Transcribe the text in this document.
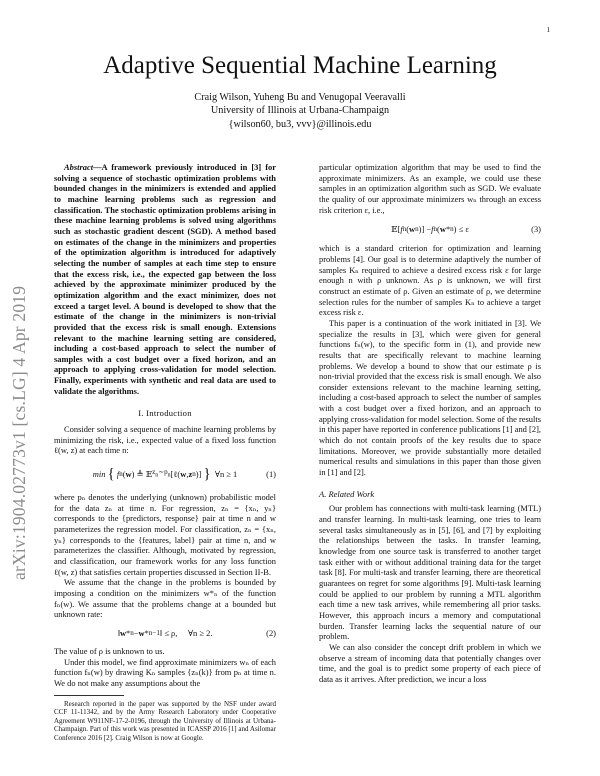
1
arXiv:1904.02773v1 [cs.LG] 4 Apr 2019
Adaptive Sequential Machine Learning
Craig Wilson, Yuheng Bu and Venugopal Veeravalli
University of Illinois at Urbana-Champaign
{wilson60, bu3, vvv}@illinois.edu

Abstract—A framework previously introduced in [3] for solving a sequence of stochastic optimization problems with bounded changes in the minimizers is extended and applied to machine learning problems such as regression and classification. The stochastic optimization problems arising in these machine learning problems is solved using algorithms such as stochastic gradient descent (SGD). A method based on estimates of the change in the minimizers and properties of the optimization algorithm is introduced for adaptively selecting the number of samples at each time step to ensure that the excess risk, i.e., the expected gap between the loss achieved by the approximate minimizer produced by the optimization algorithm and the exact minimizer, does not exceed a target level. A bound is developed to show that the estimate of the change in the minimizers is non-trivial provided that the excess risk is small enough. Extensions relevant to the machine learning setting are considered, including a cost-based approach to select the number of samples with a cost budget over a fixed horizon, and an approach to applying cross-validation for model selection. Finally, experiments with synthetic and real data are used to validate the algorithms.

I. Introduction

Consider solving a sequence of machine learning problems by minimizing the risk, i.e., expected value of a fixed loss function ℓ(w, z) at each time n:

min
{
f n ( w ) ≜ 𝔼 $z_n\sim p_n$ [ℓ( w , z n )] }
∀n ≥ 1	(1)

where pₙ denotes the underlying (unknown) probabilistic model for the data zₙ at time n. For regression, zₙ = {xₙ, yₙ} corresponds to the {predictors, response} pair at time n and w parameterizes the regression model. For classification, zₙ = {xₙ, yₙ} corresponds to the {features, label} pair at time n, and w parameterizes the classifier. Although, motivated by regression, and classification, our framework works for any loss function ℓ(w, z) that satisfies certain properties discussed in Section II-B.

We assume that the change in the problems is bounded by imposing a condition on the minimizers w*ₙ of the function fₙ(w). We assume that the problems change at a bounded but unknown rate:

‖ w * n − w * n−1 ‖ ≤ ρ, ∀n ≥ 2.	(2)

The value of ρ is unknown to us.

Under this model, we find approximate minimizers wₙ of each function fₙ(w) by drawing Kₙ samples {zₙ(k)} from pₙ at time n. We do not make any assumptions about the

Research reported in the paper was supported by the NSF under award CCF 11-11342, and by the Army Research Laboratory under Cooperative Agreement W911NF-17-2-0196, through the University of Illinois at Urbana-Champaign. Part of this work was presented in ICASSP 2016 [1] and Asilomar Conference 2016 [2]. Craig Wilson is now at Google.

particular optimization algorithm that may be used to find the approximate minimizers. As an example, we could use these samples in an optimization algorithm such as SGD. We evaluate the quality of our approximate minimizers wₙ through an excess risk criterion ε, i.e.,

𝔼[ f n ( w n )] − f n ( w * n ) ≤ ε	(3)

which is a standard criterion for optimization and learning problems [4]. Our goal is to determine adaptively the number of samples Kₙ required to achieve a desired excess risk ε for large enough n with ρ unknown. As ρ is unknown, we will first construct an estimate of ρ. Given an estimate of ρ, we determine selection rules for the number of samples Kₙ to achieve a target excess risk ε.

This paper is a continuation of the work initiated in [3]. We specialize the results in [3], which were given for general functions fₙ(w), to the specific form in (1), and provide new results that are specifically relevant to machine learning problems. We develop a bound to show that our estimate ρ is non-trivial provided that the excess risk is small enough. We also consider extensions relevant to the machine learning setting, including a cost-based approach to select the number of samples with a cost budget over a fixed horizon, and an approach to applying cross-validation for model selection. Some of the results in this paper have reported in conference publications [1] and [2], which do not contain proofs of the key results due to space limitations. Moreover, we provide substantially more detailed numerical results and simulations in this paper than those given in [1] and [2].

A. Related Work

Our problem has connections with multi-task learning (MTL) and transfer learning. In multi-task learning, one tries to learn several tasks simultaneously as in [5], [6], and [7] by exploiting the relationships between the tasks. In transfer learning, knowledge from one source task is transferred to another target task either with or without additional training data for the target task [8]. For multi-task and transfer learning, there are theoretical guarantees on regret for some algorithms [9]. Multi-task learning could be applied to our problem by running a MTL algorithm each time a new task arrives, while remembering all prior tasks. However, this approach incurs a memory and computational burden. Transfer learning lacks the sequential nature of our problem.

We can also consider the concept drift problem in which we observe a stream of incoming data that potentially changes over time, and the goal is to predict some property of each piece of data as it arrives. After prediction, we incur a loss
